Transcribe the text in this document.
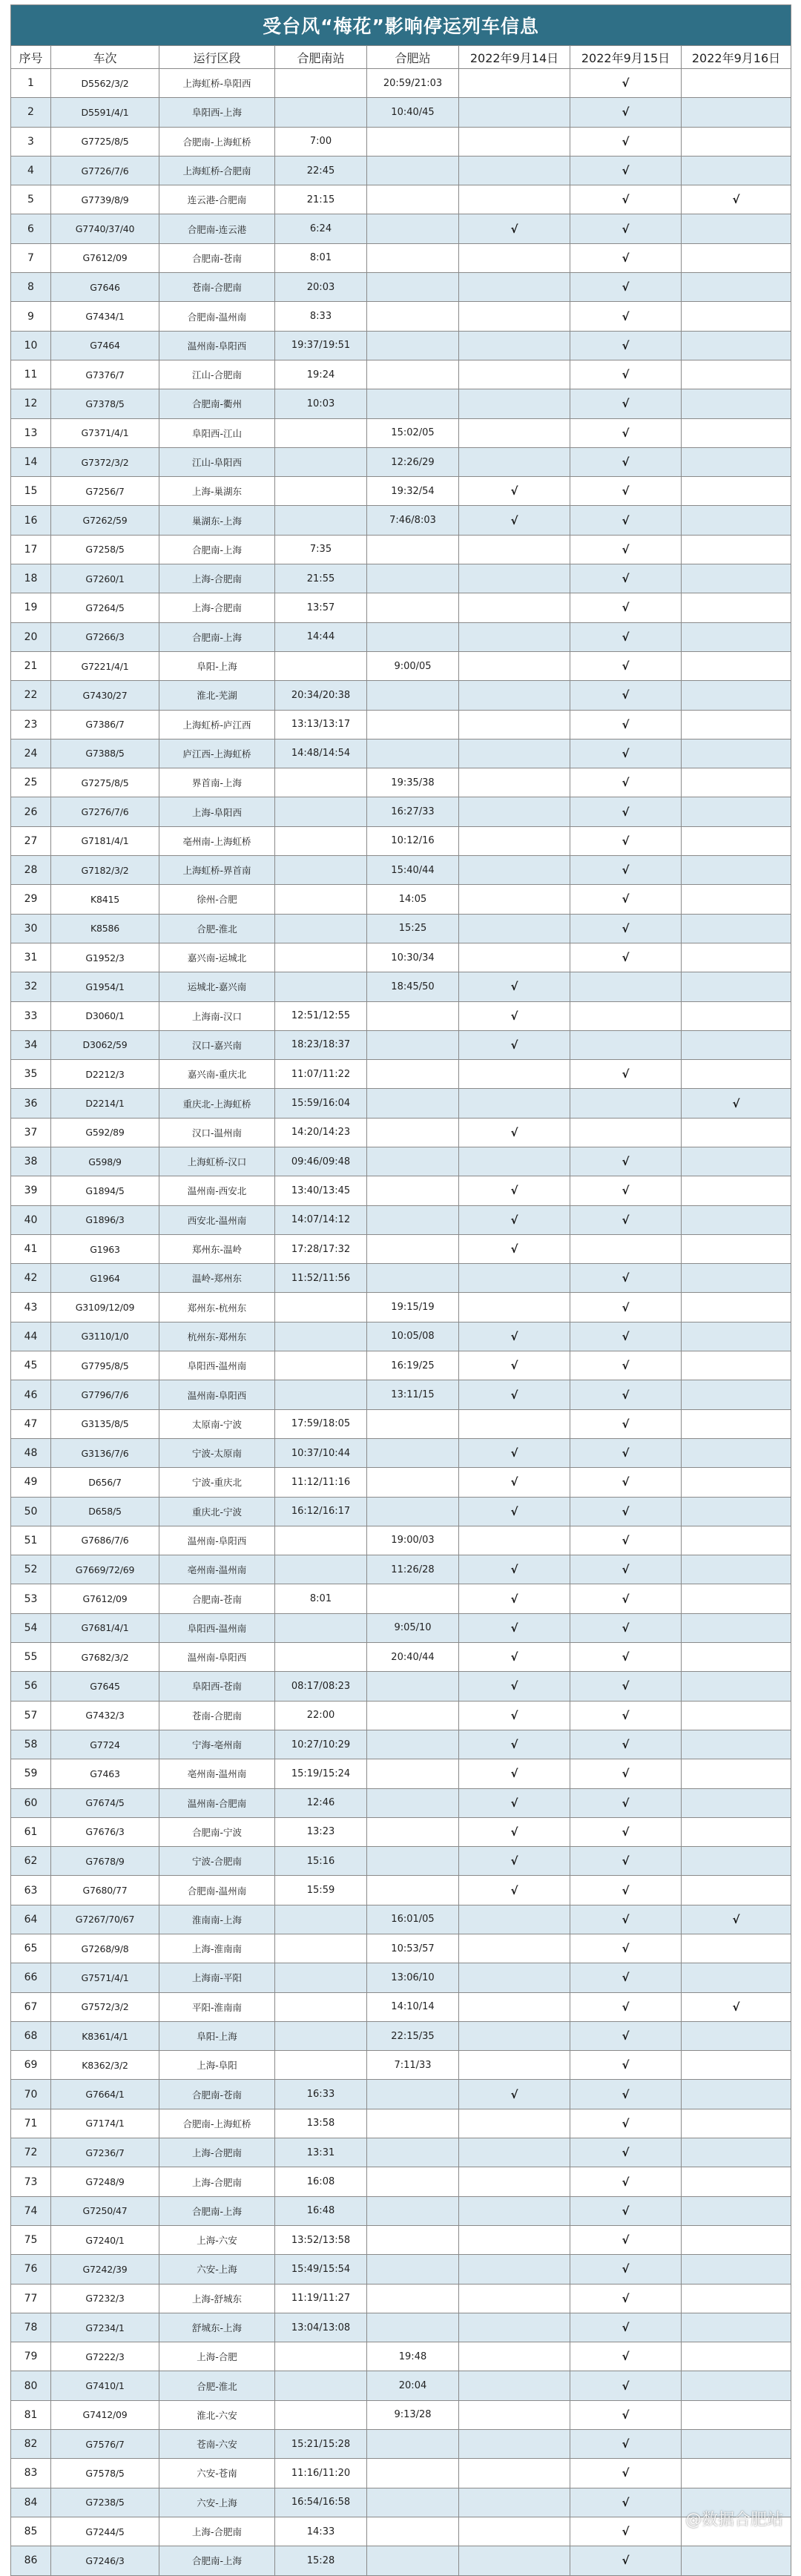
受台风“梅花”影响停运列车信息							
序号	车次	运行区段	合肥南站	合肥站	2022年9月14日	2022年9月15日	2022年9月16日
1	D5562/3/2	上海虹桥-阜阳西		20:59/21:03		√	
2	D5591/4/1	阜阳西-上海		10:40/45		√	
3	G7725/8/5	合肥南-上海虹桥	7:00			√	
4	G7726/7/6	上海虹桥-合肥南	22:45			√	
5	G7739/8/9	连云港-合肥南	21:15			√	√
6	G7740/37/40	合肥南-连云港	6:24		√	√	
7	G7612/09	合肥南-苍南	8:01			√	
8	G7646	苍南-合肥南	20:03			√	
9	G7434/1	合肥南-温州南	8:33			√	
10	G7464	温州南-阜阳西	19:37/19:51			√	
11	G7376/7	江山-合肥南	19:24			√	
12	G7378/5	合肥南-衢州	10:03			√	
13	G7371/4/1	阜阳西-江山		15:02/05		√	
14	G7372/3/2	江山-阜阳西		12:26/29		√	
15	G7256/7	上海-巢湖东		19:32/54	√	√	
16	G7262/59	巢湖东-上海		7:46/8:03	√	√	
17	G7258/5	合肥南-上海	7:35			√	
18	G7260/1	上海-合肥南	21:55			√	
19	G7264/5	上海-合肥南	13:57			√	
20	G7266/3	合肥南-上海	14:44			√	
21	G7221/4/1	阜阳-上海		9:00/05		√	
22	G7430/27	淮北-芜湖	20:34/20:38			√	
23	G7386/7	上海虹桥-庐江西	13:13/13:17			√	
24	G7388/5	庐江西-上海虹桥	14:48/14:54			√	
25	G7275/8/5	界首南-上海		19:35/38		√	
26	G7276/7/6	上海-阜阳西		16:27/33		√	
27	G7181/4/1	亳州南-上海虹桥		10:12/16		√	
28	G7182/3/2	上海虹桥-界首南		15:40/44		√	
29	K8415	徐州-合肥		14:05		√	
30	K8586	合肥-淮北		15:25		√	
31	G1952/3	嘉兴南-运城北		10:30/34		√	
32	G1954/1	运城北-嘉兴南		18:45/50	√		
33	D3060/1	上海南-汉口	12:51/12:55		√		
34	D3062/59	汉口-嘉兴南	18:23/18:37		√		
35	D2212/3	嘉兴南-重庆北	11:07/11:22			√	
36	D2214/1	重庆北-上海虹桥	15:59/16:04				√
37	G592/89	汉口-温州南	14:20/14:23		√		
38	G598/9	上海虹桥-汉口	09:46/09:48			√	
39	G1894/5	温州南-西安北	13:40/13:45		√	√	
40	G1896/3	西安北-温州南	14:07/14:12		√	√	
41	G1963	郑州东-温岭	17:28/17:32		√		
42	G1964	温岭-郑州东	11:52/11:56			√	
43	G3109/12/09	郑州东-杭州东		19:15/19		√	
44	G3110/1/0	杭州东-郑州东		10:05/08	√	√	
45	G7795/8/5	阜阳西-温州南		16:19/25	√	√	
46	G7796/7/6	温州南-阜阳西		13:11/15	√	√	
47	G3135/8/5	太原南-宁波	17:59/18:05			√	
48	G3136/7/6	宁波-太原南	10:37/10:44		√	√	
49	D656/7	宁波-重庆北	11:12/11:16		√	√	
50	D658/5	重庆北-宁波	16:12/16:17		√	√	
51	G7686/7/6	温州南-阜阳西		19:00/03		√	
52	G7669/72/69	亳州南-温州南		11:26/28	√	√	
53	G7612/09	合肥南-苍南	8:01		√	√	
54	G7681/4/1	阜阳西-温州南		9:05/10	√	√	
55	G7682/3/2	温州南-阜阳西		20:40/44	√	√	
56	G7645	阜阳西-苍南	08:17/08:23		√	√	
57	G7432/3	苍南-合肥南	22:00		√	√	
58	G7724	宁海-亳州南	10:27/10:29		√	√	
59	G7463	亳州南-温州南	15:19/15:24		√	√	
60	G7674/5	温州南-合肥南	12:46		√	√	
61	G7676/3	合肥南-宁波	13:23		√	√	
62	G7678/9	宁波-合肥南	15:16		√	√	
63	G7680/77	合肥南-温州南	15:59		√	√	
64	G7267/70/67	淮南南-上海		16:01/05		√	√
65	G7268/9/8	上海-淮南南		10:53/57		√	
66	G7571/4/1	上海南-平阳		13:06/10		√	
67	G7572/3/2	平阳-淮南南		14:10/14		√	√
68	K8361/4/1	阜阳-上海		22:15/35		√	
69	K8362/3/2	上海-阜阳		7:11/33		√	
70	G7664/1	合肥南-苍南	16:33		√	√	
71	G7174/1	合肥南-上海虹桥	13:58			√	
72	G7236/7	上海-合肥南	13:31			√	
73	G7248/9	上海-合肥南	16:08			√	
74	G7250/47	合肥南-上海	16:48			√	
75	G7240/1	上海-六安	13:52/13:58			√	
76	G7242/39	六安-上海	15:49/15:54			√	
77	G7232/3	上海-舒城东	11:19/11:27			√	
78	G7234/1	舒城东-上海	13:04/13:08			√	
79	G7222/3	上海-合肥		19:48		√	
80	G7410/1	合肥-淮北		20:04		√	
81	G7412/09	淮北-六安		9:13/28		√	
82	G7576/7	苍南-六安	15:21/15:28			√	
83	G7578/5	六安-苍南	11:16/11:20			√	
84	G7238/5	六安-上海	16:54/16:58			√	
85	G7244/5	上海-合肥南	14:33			√	
86	G7246/3	合肥南-上海	15:28			√		@数据合肥站
